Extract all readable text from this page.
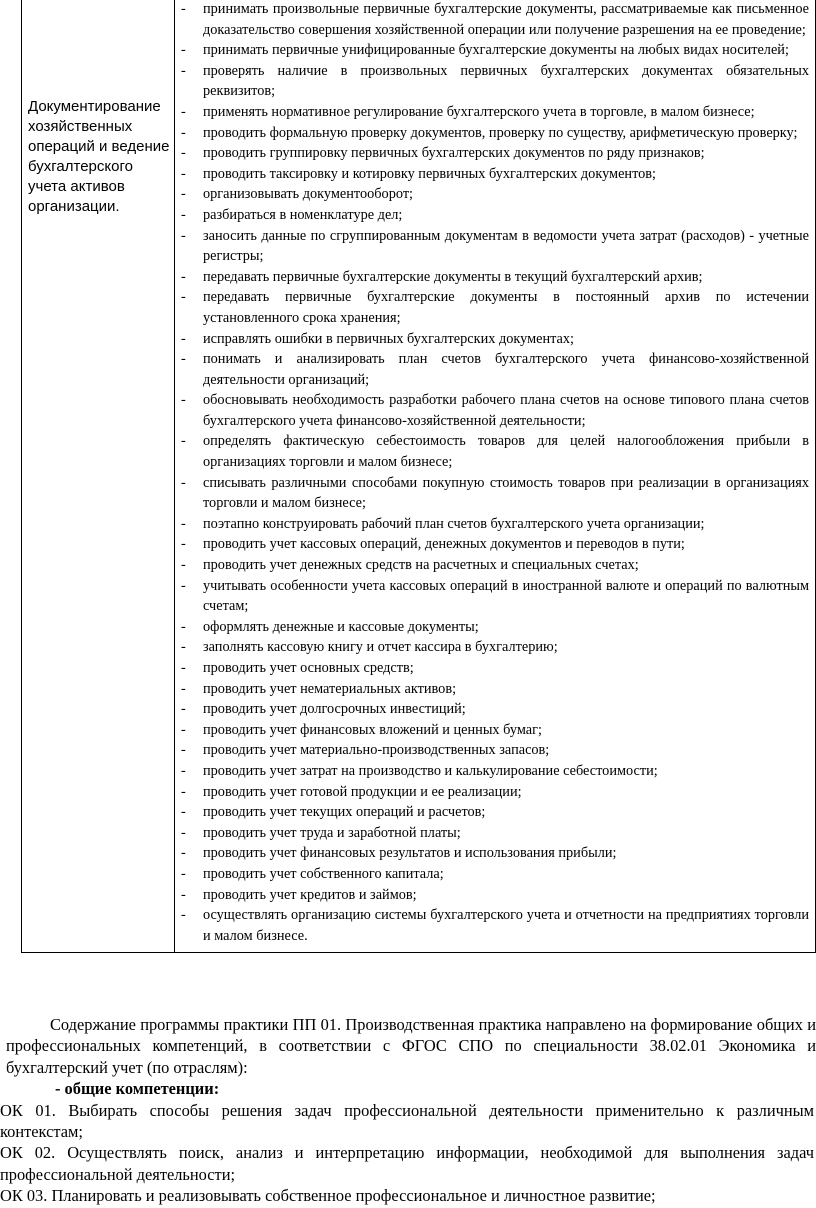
Документирование хозяйственных операций и ведение бухгалтерского учета активов организации.

-	принимать произвольные первичные бухгалтерские документы, рассматриваемые как письменное доказательство совершения хозяйственной операции или получение разрешения на ее проведение;
-	принимать первичные унифицированные бухгалтерские документы на любых видах носителей;
-	проверять наличие в произвольных первичных бухгалтерских документах обязательных реквизитов;
-	применять нормативное регулирование бухгалтерского учета в торговле, в малом бизнесе;
-	проводить формальную проверку документов, проверку по существу, арифметическую проверку;
-	проводить группировку первичных бухгалтерских документов по ряду признаков;
-	проводить таксировку и котировку первичных бухгалтерских документов;
-	организовывать документооборот;
-	разбираться в номенклатуре дел;
-	заносить данные по сгруппированным документам в ведомости учета затрат (расходов) - учетные регистры;
-	передавать первичные бухгалтерские документы в текущий бухгалтерский архив;
-	передавать первичные бухгалтерские документы в постоянный архив по истечении установленного срока хранения;
-	исправлять ошибки в первичных бухгалтерских документах;
-	понимать и анализировать план счетов бухгалтерского учета финансово-хозяйственной деятельности организаций;
-	обосновывать необходимость разработки рабочего плана счетов на основе типового плана счетов бухгалтерского учета финансово-хозяйственной деятельности;
-	определять фактическую себестоимость товаров для целей налогообложения прибыли в организациях торговли и малом бизнесе;
-	списывать различными способами покупную стоимость товаров при реализации в организациях торговли и малом бизнесе;
-	поэтапно конструировать рабочий план счетов бухгалтерского учета организации;
-	проводить учет кассовых операций, денежных документов и переводов в пути;
-	проводить учет денежных средств на расчетных и специальных счетах;
-	учитывать особенности учета кассовых операций в иностранной валюте и операций по валютным счетам;
-	оформлять денежные и кассовые документы;
-	заполнять кассовую книгу и отчет кассира в бухгалтерию;
-	проводить учет основных средств;
-	проводить учет нематериальных активов;
-	проводить учет долгосрочных инвестиций;
-	проводить учет финансовых вложений и ценных бумаг;
-	проводить учет материально-производственных запасов;
-	проводить учет затрат на производство и калькулирование себестоимости;
-	проводить учет готовой продукции и ее реализации;
-	проводить учет текущих операций и расчетов;
-	проводить учет труда и заработной платы;
-	проводить учет финансовых результатов и использования прибыли;
-	проводить учет собственного капитала;
-	проводить учет кредитов и займов;
-	осуществлять организацию системы бухгалтерского учета и отчетности на предприятиях торговли и малом бизнесе.

Содержание программы практики ПП 01. Производственная практика направлено на формирование общих и профессиональных компетенций, в соответствии с ФГОС СПО по специальности 38.02.01 Экономика и бухгалтерский учет (по отраслям):

- общие компетенции:

ОК 01. Выбирать способы решения задач профессиональной деятельности применительно к различным контекстам;

ОК 02. Осуществлять поиск, анализ и интерпретацию информации, необходимой для выполнения задач профессиональной деятельности;

ОК 03. Планировать и реализовывать собственное профессиональное и личностное развитие;
